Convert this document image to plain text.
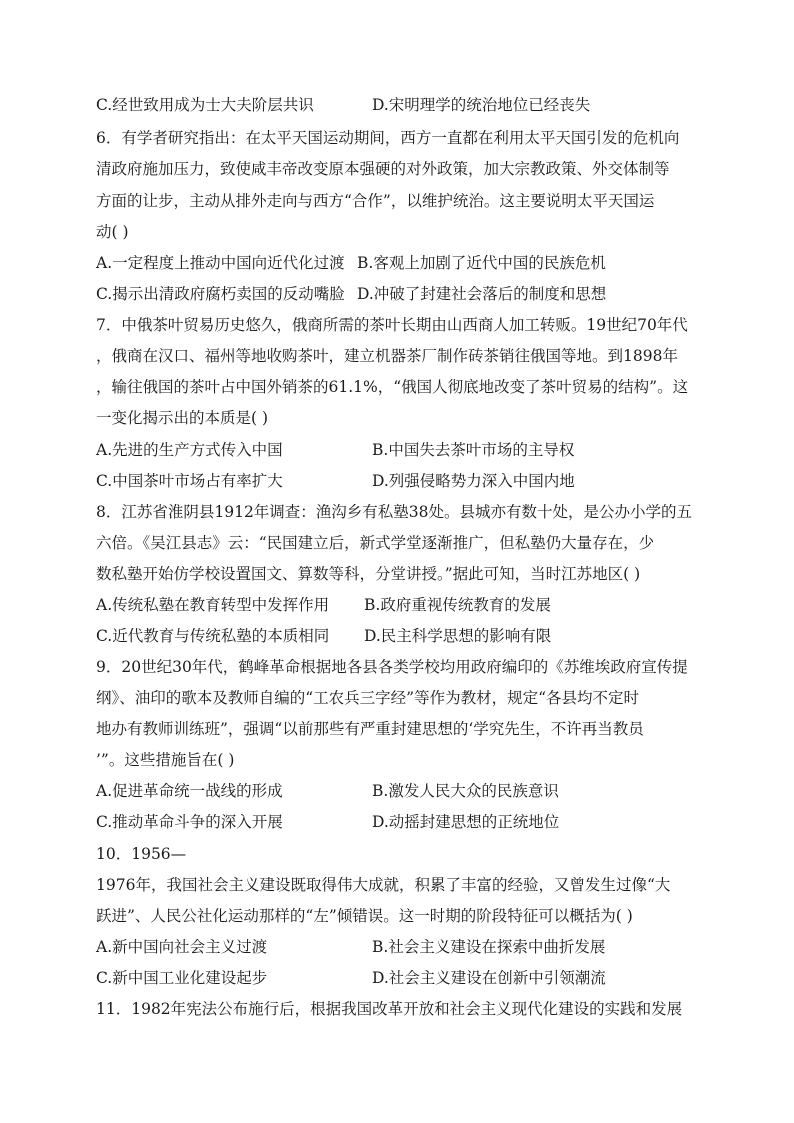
C.经世致用成为士大夫阶层共识	D.宋明理学的统治地位已经丧失
6．有学者研究指出：在太平天国运动期间，西方一直都在利用太平天国引发的危机向
清政府施加压力，致使咸丰帝改变原本强硬的对外政策，加大宗教政策、外交体制等
方面的让步，主动从排外走向与西方“合作”，以维护统治。这主要说明太平天国运
动( )
A.一定程度上推动中国向近代化过渡 B.客观上加剧了近代中国的民族危机
C.揭示出清政府腐朽卖国的反动嘴脸 D.冲破了封建社会落后的制度和思想
7．中俄茶叶贸易历史悠久，俄商所需的茶叶长期由山西商人加工转贩。19世纪70年代
，俄商在汉口、福州等地收购茶叶，建立机器茶厂制作砖茶销往俄国等地。到1898年
，输往俄国的茶叶占中国外销茶的61.1%，“俄国人彻底地改变了茶叶贸易的结构”。这
一变化揭示出的本质是( )
A.先进的生产方式传入中国	B.中国失去茶叶市场的主导权
C.中国茶叶市场占有率扩大	D.列强侵略势力深入中国内地
8．江苏省淮阴县1912年调查：渔沟乡有私塾38处。县城亦有数十处，是公办小学的五
六倍。《吴江县志》云：“民国建立后，新式学堂逐渐推广，但私塾仍大量存在，少
数私塾开始仿学校设置国文、算数等科，分堂讲授。”据此可知，当时江苏地区( )
A.传统私塾在教育转型中发挥作用 B.政府重视传统教育的发展
C.近代教育与传统私塾的本质相同 D.民主科学思想的影响有限
9．20世纪30年代，鹤峰革命根据地各县各类学校均用政府编印的《苏维埃政府宣传提
纲》、油印的歌本及教师自编的“工农兵三字经”等作为教材，规定“各县均不定时
地办有教师训练班”，强调“以前那些有严重封建思想的‘学究先生，不许再当教员
’”。这些措施旨在( )
A.促进革命统一战线的形成	B.激发人民大众的民族意识
C.推动革命斗争的深入开展	D.动摇封建思想的正统地位
10．1956—
1976年，我国社会主义建设既取得伟大成就，积累了丰富的经验，又曾发生过像“大
跃进”、人民公社化运动那样的“左”倾错误。这一时期的阶段特征可以概括为( )
A.新中国向社会主义过渡	B.社会主义建设在探索中曲折发展
C.新中国工业化建设起步	D.社会主义建设在创新中引领潮流
11．1982年宪法公布施行后，根据我国改革开放和社会主义现代化建设的实践和发展
